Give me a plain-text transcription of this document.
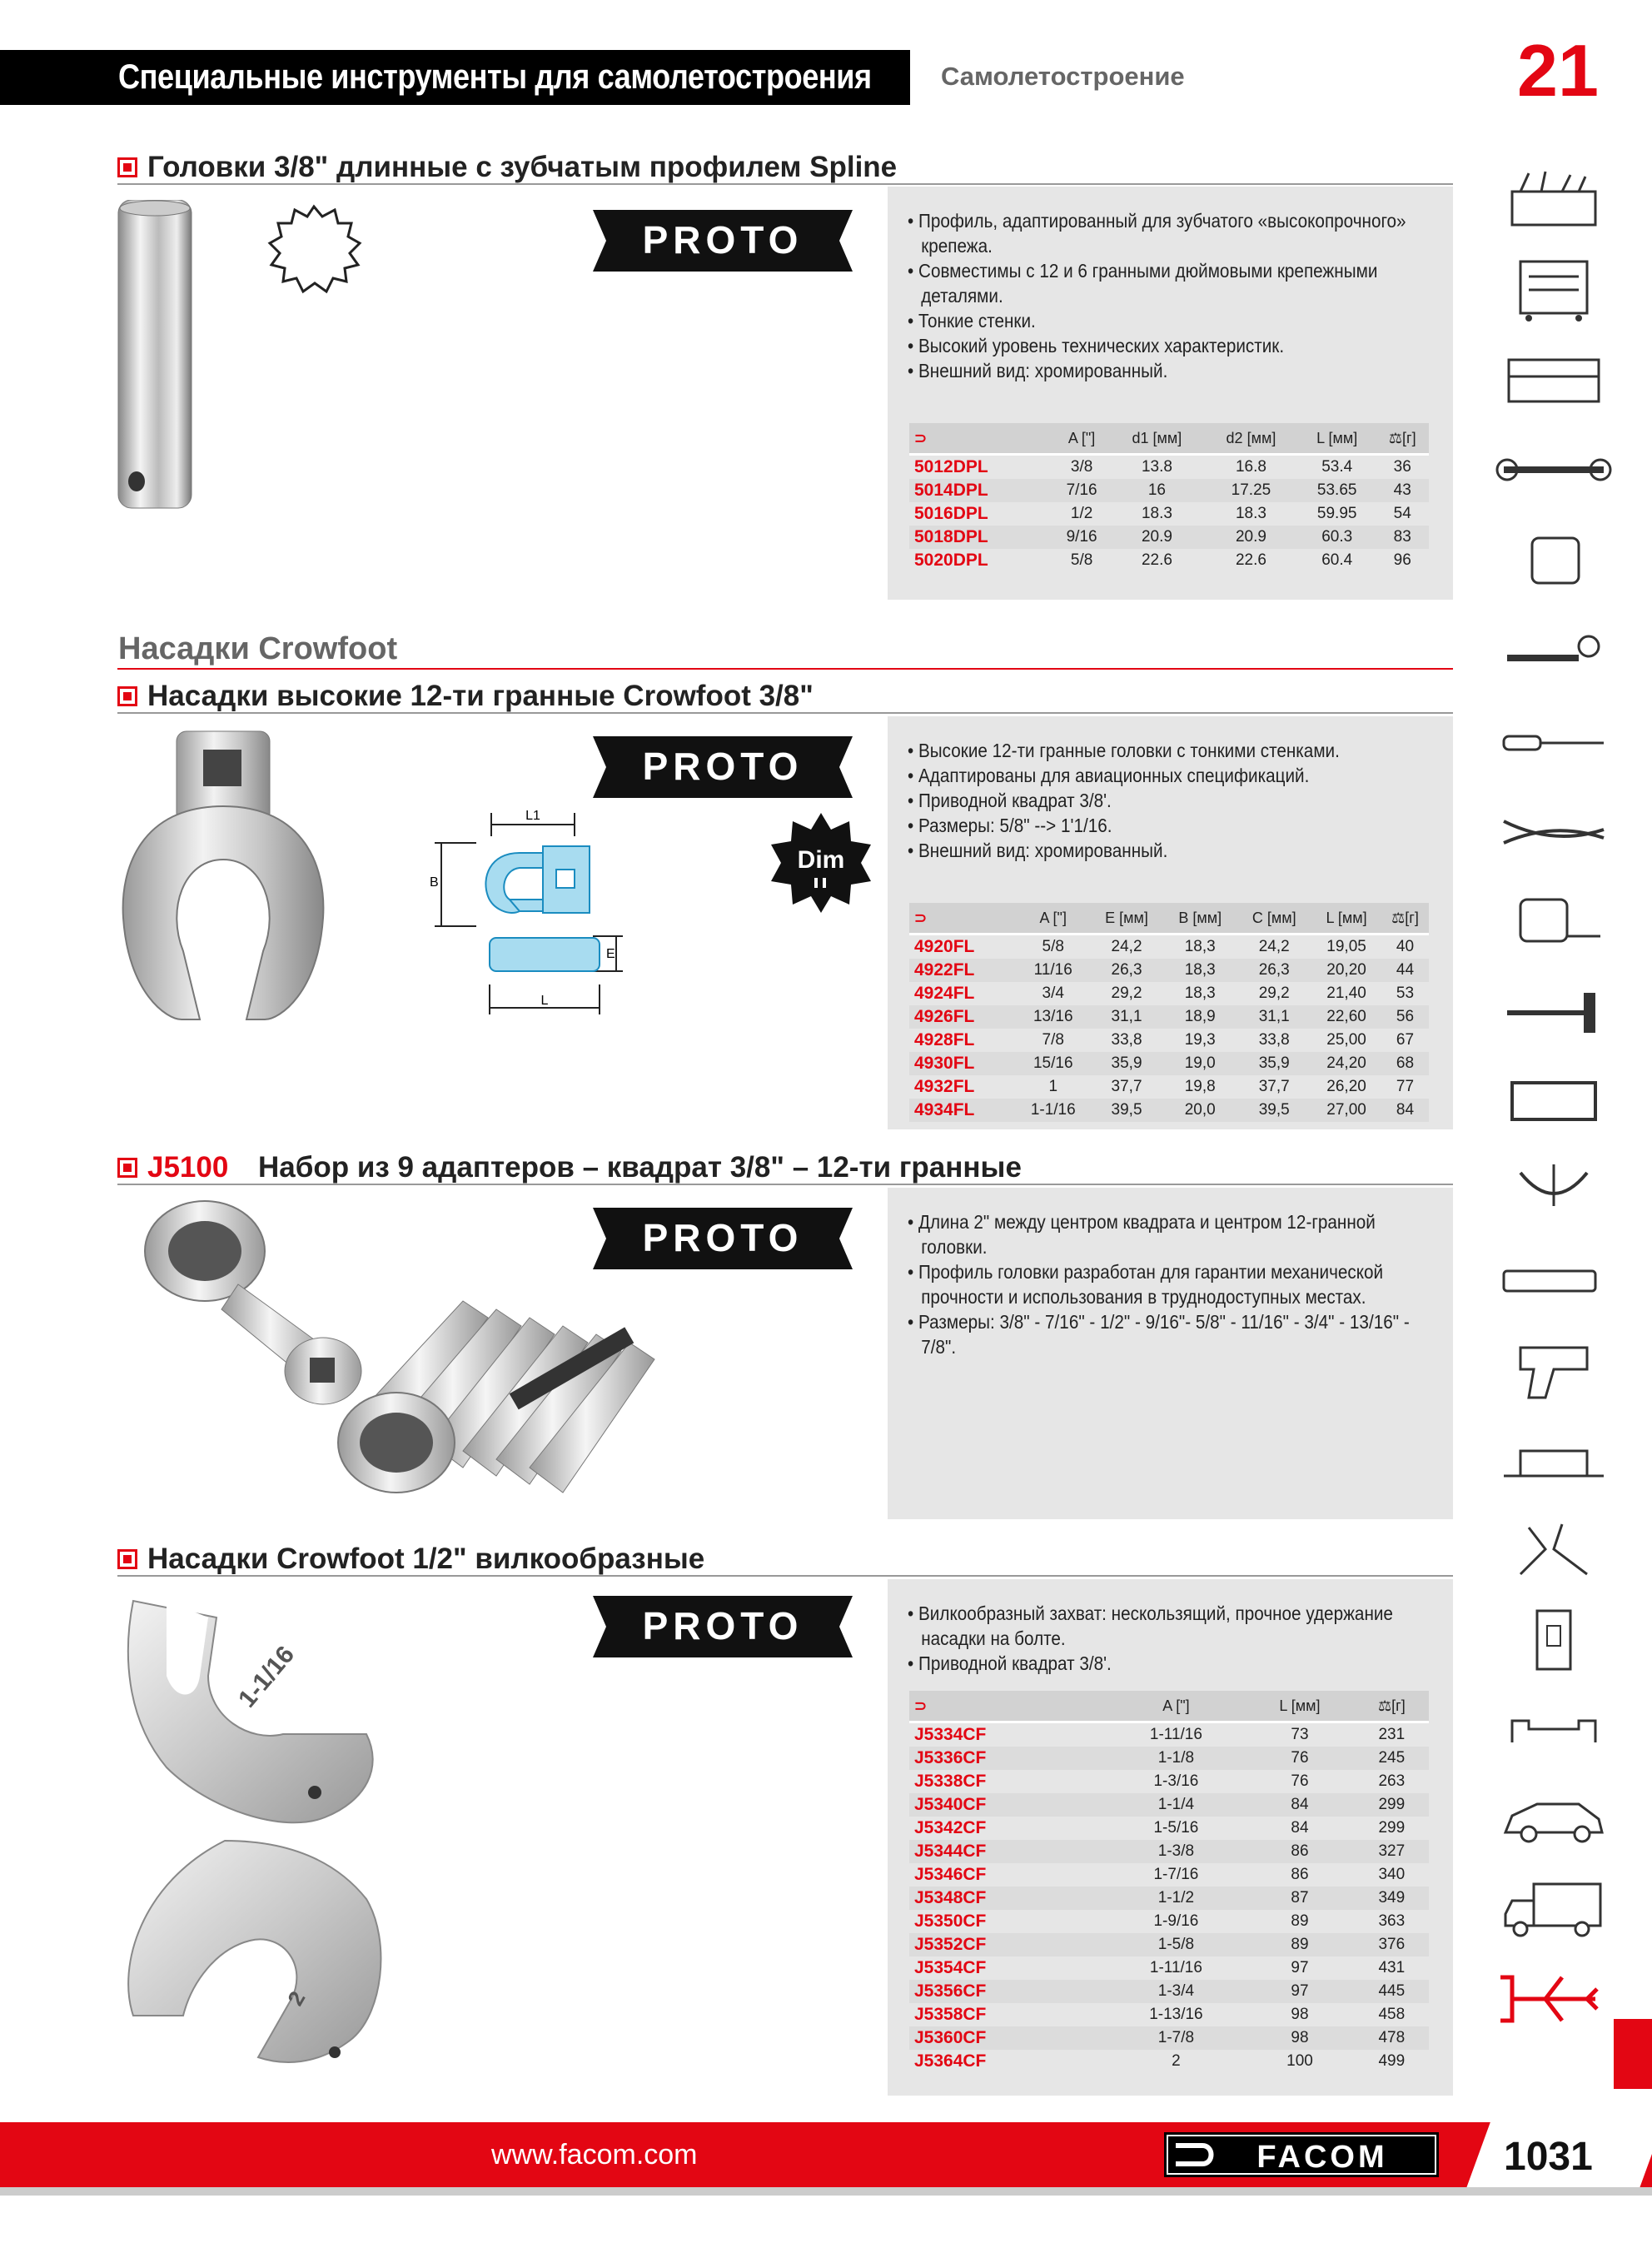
Специальные инструменты для самолетостроения	Самолетостроение	21
Головки 3/8" длинные с зубчатым профилем Spline
PROTO	• Профиль, адаптированный для зубчатого «высокопрочного» крепежа.
• Совместимы с 12 и 6 гранными дюймовыми крепежными деталями.
• Тонкие стенки.
• Высокий уровень технических характеристик.
• Внешний вид: хромированный.
⊃	A ["]	d1 [мм]	d2 [мм]	L [мм]	⚖[г]
5012DPL	3/8	13.8	16.8	53.4	36
5014DPL	7/16	16	17.25	53.65	43
5016DPL	1/2	18.3	18.3	59.95	54
5018DPL	9/16	20.9	20.9	60.3	83
5020DPL	5/8	22.6	22.6	60.4	96
Насадки Crowfoot
Насадки высокие 12-ти гранные Crowfoot 3/8"
L1
B
E
L
PROTO
Dim
• Высокие 12-ти гранные головки с тонкими стенками.
• Адаптированы для авиационных спецификаций.
• Приводной квадрат 3/8'.
• Размеры: 5/8" --> 1'1/16.
• Внешний вид: хромированный.
⊃	A ["]	E [мм]	B [мм]	C [мм]	L [мм]	⚖[г]
4920FL	5/8	24,2	18,3	24,2	19,05	40
4922FL	11/16	26,3	18,3	26,3	20,20	44
4924FL	3/4	29,2	18,3	29,2	21,40	53
4926FL	13/16	31,1	18,9	31,1	22,60	56
4928FL	7/8	33,8	19,3	33,8	25,00	67
4930FL	15/16	35,9	19,0	35,9	24,20	68
4932FL	1	37,7	19,8	37,7	26,20	77
4934FL	1-1/16	39,5	20,0	39,5	27,00	84
J5100 Набор из 9 адаптеров – квадрат 3/8" – 12-ти гранные
PROTO	• Длина 2" между центром квадрата и центром 12-гранной головки.
• Профиль головки разработан для гарантии механической прочности и использования в труднодоступных местах.
• Размеры: 3/8" - 7/16" - 1/2" - 9/16"- 5/8" - 11/16" - 3/4" - 13/16" - 7/8".
Насадки Crowfoot 1/2" вилкообразные
1-1/16
2
PROTO	• Вилкообразный захват: нескользящий, прочное удержание насадки на болте.
• Приводной квадрат 3/8'.
⊃	A ["]	L [мм]	⚖[г]
J5334CF	1-11/16	73	231
J5336CF	1-1/8	76	245
J5338CF	1-3/16	76	263
J5340CF	1-1/4	84	299
J5342CF	1-5/16	84	299
J5344CF	1-3/8	86	327
J5346CF	1-7/16	86	340
J5348CF	1-1/2	87	349
J5350CF	1-9/16	89	363
J5352CF	1-5/8	89	376
J5354CF	1-11/16	97	431
J5356CF	1-3/4	97	445
J5358CF	1-13/16	98	458
J5360CF	1-7/8	98	478
J5364CF	2	100	499
www.facom.com	FACOM	1031
